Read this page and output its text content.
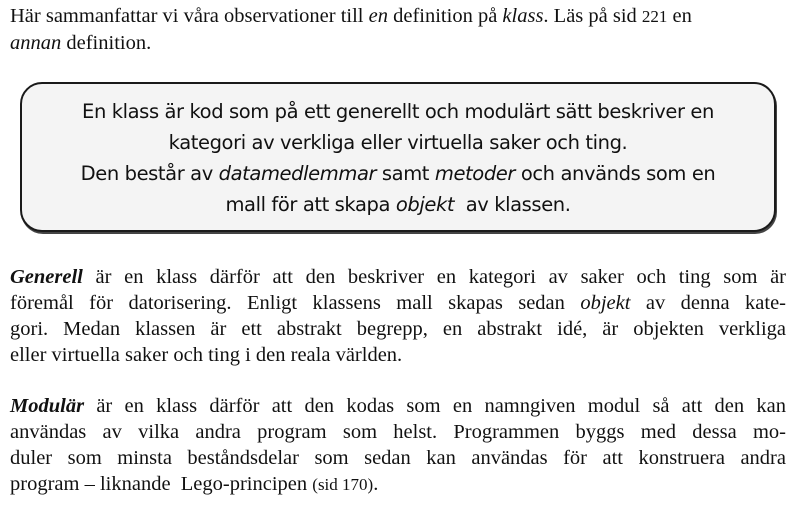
Här sammanfattar vi våra observationer till en definition på klass. Läs på sid 221 en
annan definition.

En klass är kod som på ett generellt och modulärt sätt beskriver en
kategori av verkliga eller virtuella saker och ting.
Den består av datamedlemmar samt metoder och används som en
mall för att skapa objekt  av klassen.

Generell är en klass därför att den beskriver en kategori av saker och ting som är
föremål för datorisering. Enligt klassens mall skapas sedan objekt av denna kate-
gori. Medan klassen är ett abstrakt begrepp, en abstrakt idé, är objekten verkliga
eller virtuella saker och ting i den reala världen.

Modulär är en klass därför att den kodas som en namngiven modul så att den kan
användas av vilka andra program som helst. Programmen byggs med dessa mo-
duler som minsta beståndsdelar som sedan kan användas för att konstruera andra
program – liknande  Lego-principen (sid 170).
